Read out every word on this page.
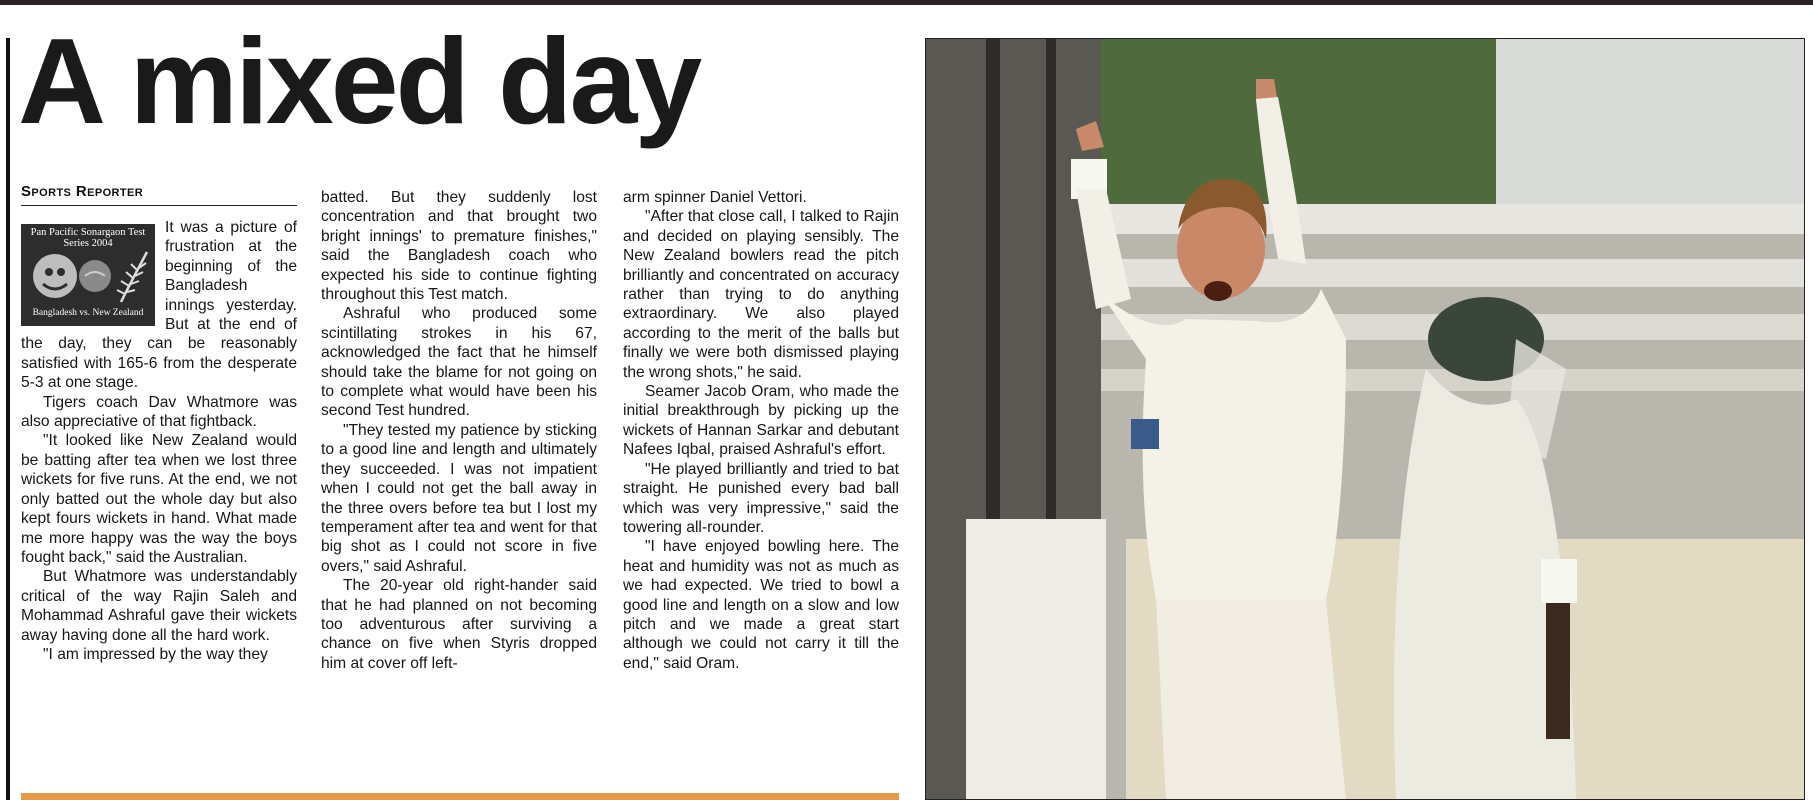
A mixed day
Sports Reporter
Pan Pacific Sonargaon Test Series 2004
Bangladesh vs. New Zealand

It was a picture of frustration at the beginning of the Bangladesh innings yesterday. But at the end of the day, they can be reasonably satisfied with 165-6 from the desperate 5-3 at one stage.

Tigers coach Dav Whatmore was also appreciative of that fightback.

"It looked like New Zealand would be batting after tea when we lost three wickets for five runs. At the end, we not only batted out the whole day but also kept fours wickets in hand. What made me more happy was the way the boys fought back," said the Australian.

But Whatmore was understandably critical of the way Rajin Saleh and Mohammad Ashraful gave their wickets away having done all the hard work.

"I am impressed by the way they

batted. But they suddenly lost concentration and that brought two bright innings' to premature finishes," said the Bangladesh coach who expected his side to continue fighting throughout this Test match.

Ashraful who produced some scintillating strokes in his 67, acknowledged the fact that he himself should take the blame for not going on to complete what would have been his second Test hundred.

"They tested my patience by sticking to a good line and length and ultimately they succeeded. I was not impatient when I could not get the ball away in the three overs before tea but I lost my temperament after tea and went for that big shot as I could not score in five overs," said Ashraful.

The 20-year old right-hander said that he had planned on not becoming too adventurous after surviving a chance on five when Styris dropped him at cover off left-

arm spinner Daniel Vettori.

"After that close call, I talked to Rajin and decided on playing sensibly. The New Zealand bowlers read the pitch brilliantly and concentrated on accuracy rather than trying to do anything extraordinary. We also played according to the merit of the balls but finally we were both dismissed playing the wrong shots," he said.

Seamer Jacob Oram, who made the initial breakthrough by picking up the wickets of Hannan Sarkar and debutant Nafees Iqbal, praised Ashraful's effort.

"He played brilliantly and tried to bat straight. He punished every bad ball which was very impressive," said the towering all-rounder.

"I have enjoyed bowling here. The heat and humidity was not as much as we had expected. We tried to bowl a good line and length on a slow and low pitch and we made a great start although we could not carry it till the end," said Oram.
